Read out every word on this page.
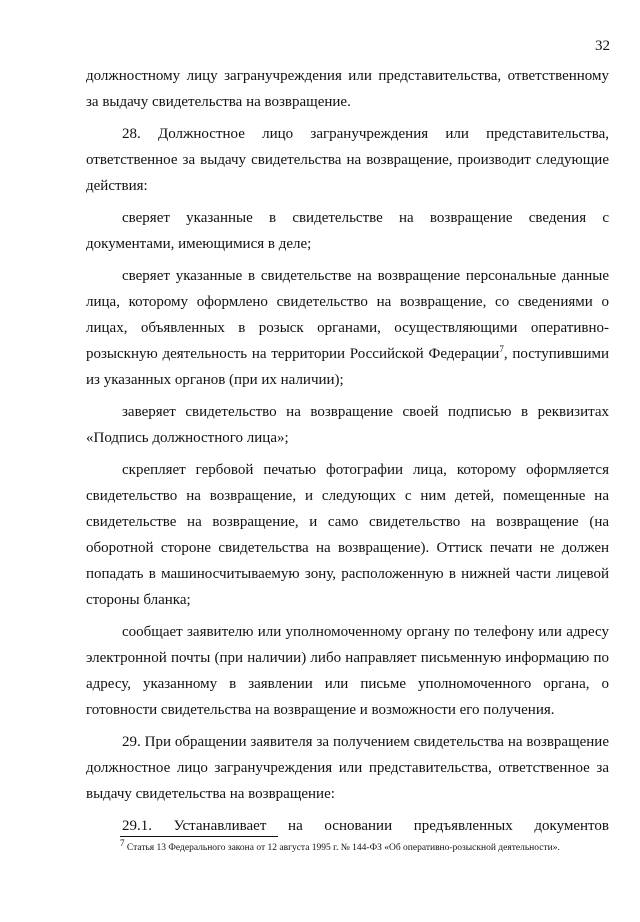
32

должностному лицу загранучреждения или представительства, ответственному за выдачу свидетельства на возвращение.

28. Должностное лицо загранучреждения или представительства, ответственное за выдачу свидетельства на возвращение, производит следующие действия:

сверяет указанные в свидетельстве на возвращение сведения с документами, имеющимися в деле;

сверяет указанные в свидетельстве на возвращение персональные данные лица, которому оформлено свидетельство на возвращение, со сведениями о лицах, объявленных в розыск органами, осуществляющими оперативно-розыскную деятельность на территории Российской Федерации$^7$, поступившими из указанных органов (при их наличии);

заверяет свидетельство на возвращение своей подписью в реквизитах «Подпись должностного лица»;

скрепляет гербовой печатью фотографии лица, которому оформляется свидетельство на возвращение, и следующих с ним детей, помещенные на свидетельстве на возвращение, и само свидетельство на возвращение (на оборотной стороне свидетельства на возвращение). Оттиск печати не должен попадать в машиносчитываемую зону, расположенную в нижней части лицевой стороны бланка;

сообщает заявителю или уполномоченному органу по телефону или адресу электронной почты (при наличии) либо направляет письменную информацию по адресу, указанному в заявлении или письме уполномоченного органа, о готовности свидетельства на возвращение и возможности его получения.

29. При обращении заявителя за получением свидетельства на возвращение должностное лицо загранучреждения или представительства, ответственное за выдачу свидетельства на возвращение:

29.1. Устанавливает на основании предъявленных документов

$^7$ Статья 13 Федерального закона от 12 августа 1995 г. № 144-ФЗ «Об оперативно-розыскной деятельности».
